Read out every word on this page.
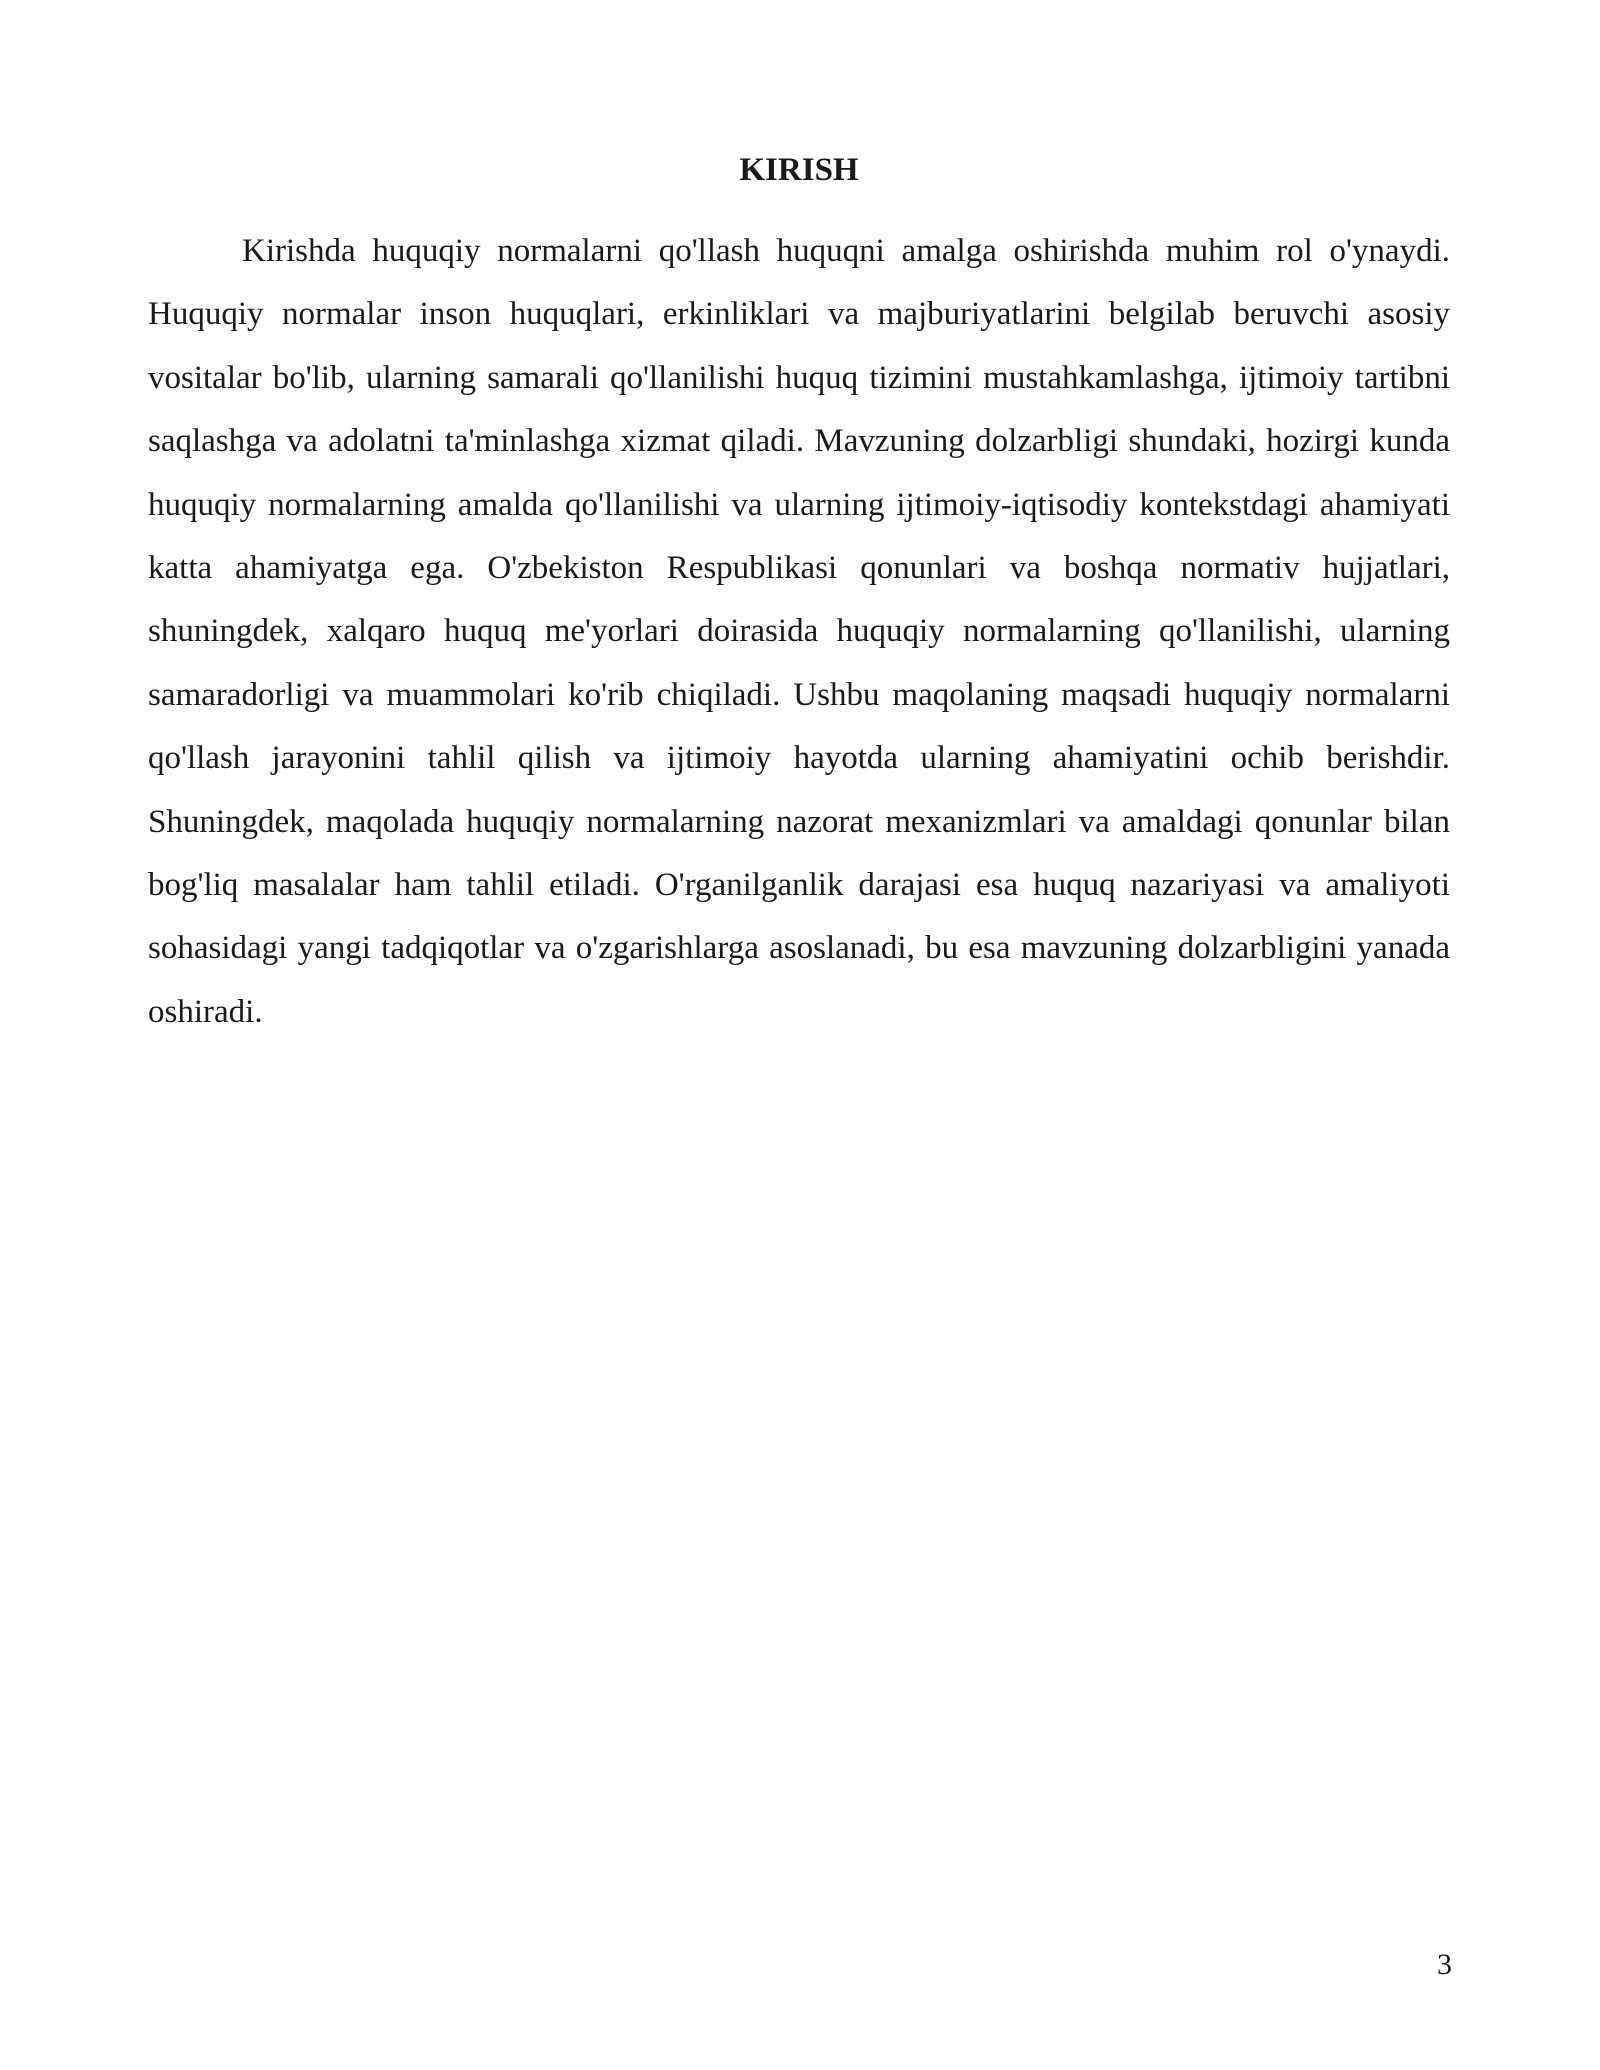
KIRISH

Kirishda huquqiy normalarni qo'llash huquqni amalga oshirishda muhim rol o'ynaydi. Huquqiy normalar inson huquqlari, erkinliklari va majburiyatlarini belgilab beruvchi asosiy vositalar bo'lib, ularning samarali qo'llanilishi huquq tizimini mustahkamlashga, ijtimoiy tartibni saqlashga va adolatni ta'minlashga xizmat qiladi. Mavzuning dolzarbligi shundaki, hozirgi kunda huquqiy normalarning amalda qo'llanilishi va ularning ijtimoiy-iqtisodiy kontekstdagi ahamiyati katta ahamiyatga ega. O'zbekiston Respublikasi qonunlari va boshqa normativ hujjatlari, shuningdek, xalqaro huquq me'yorlari doirasida huquqiy normalarning qo'llanilishi, ularning samaradorligi va muammolari ko'rib chiqiladi. Ushbu maqolaning maqsadi huquqiy normalarni qo'llash jarayonini tahlil qilish va ijtimoiy hayotda ularning ahamiyatini ochib berishdir. Shuningdek, maqolada huquqiy normalarning nazorat mexanizmlari va amaldagi qonunlar bilan bog'liq masalalar ham tahlil etiladi. O'rganilganlik darajasi esa huquq nazariyasi va amaliyoti sohasidagi yangi tadqiqotlar va o'zgarishlarga asoslanadi, bu esa mavzuning dolzarbligini yanada oshiradi.

3
